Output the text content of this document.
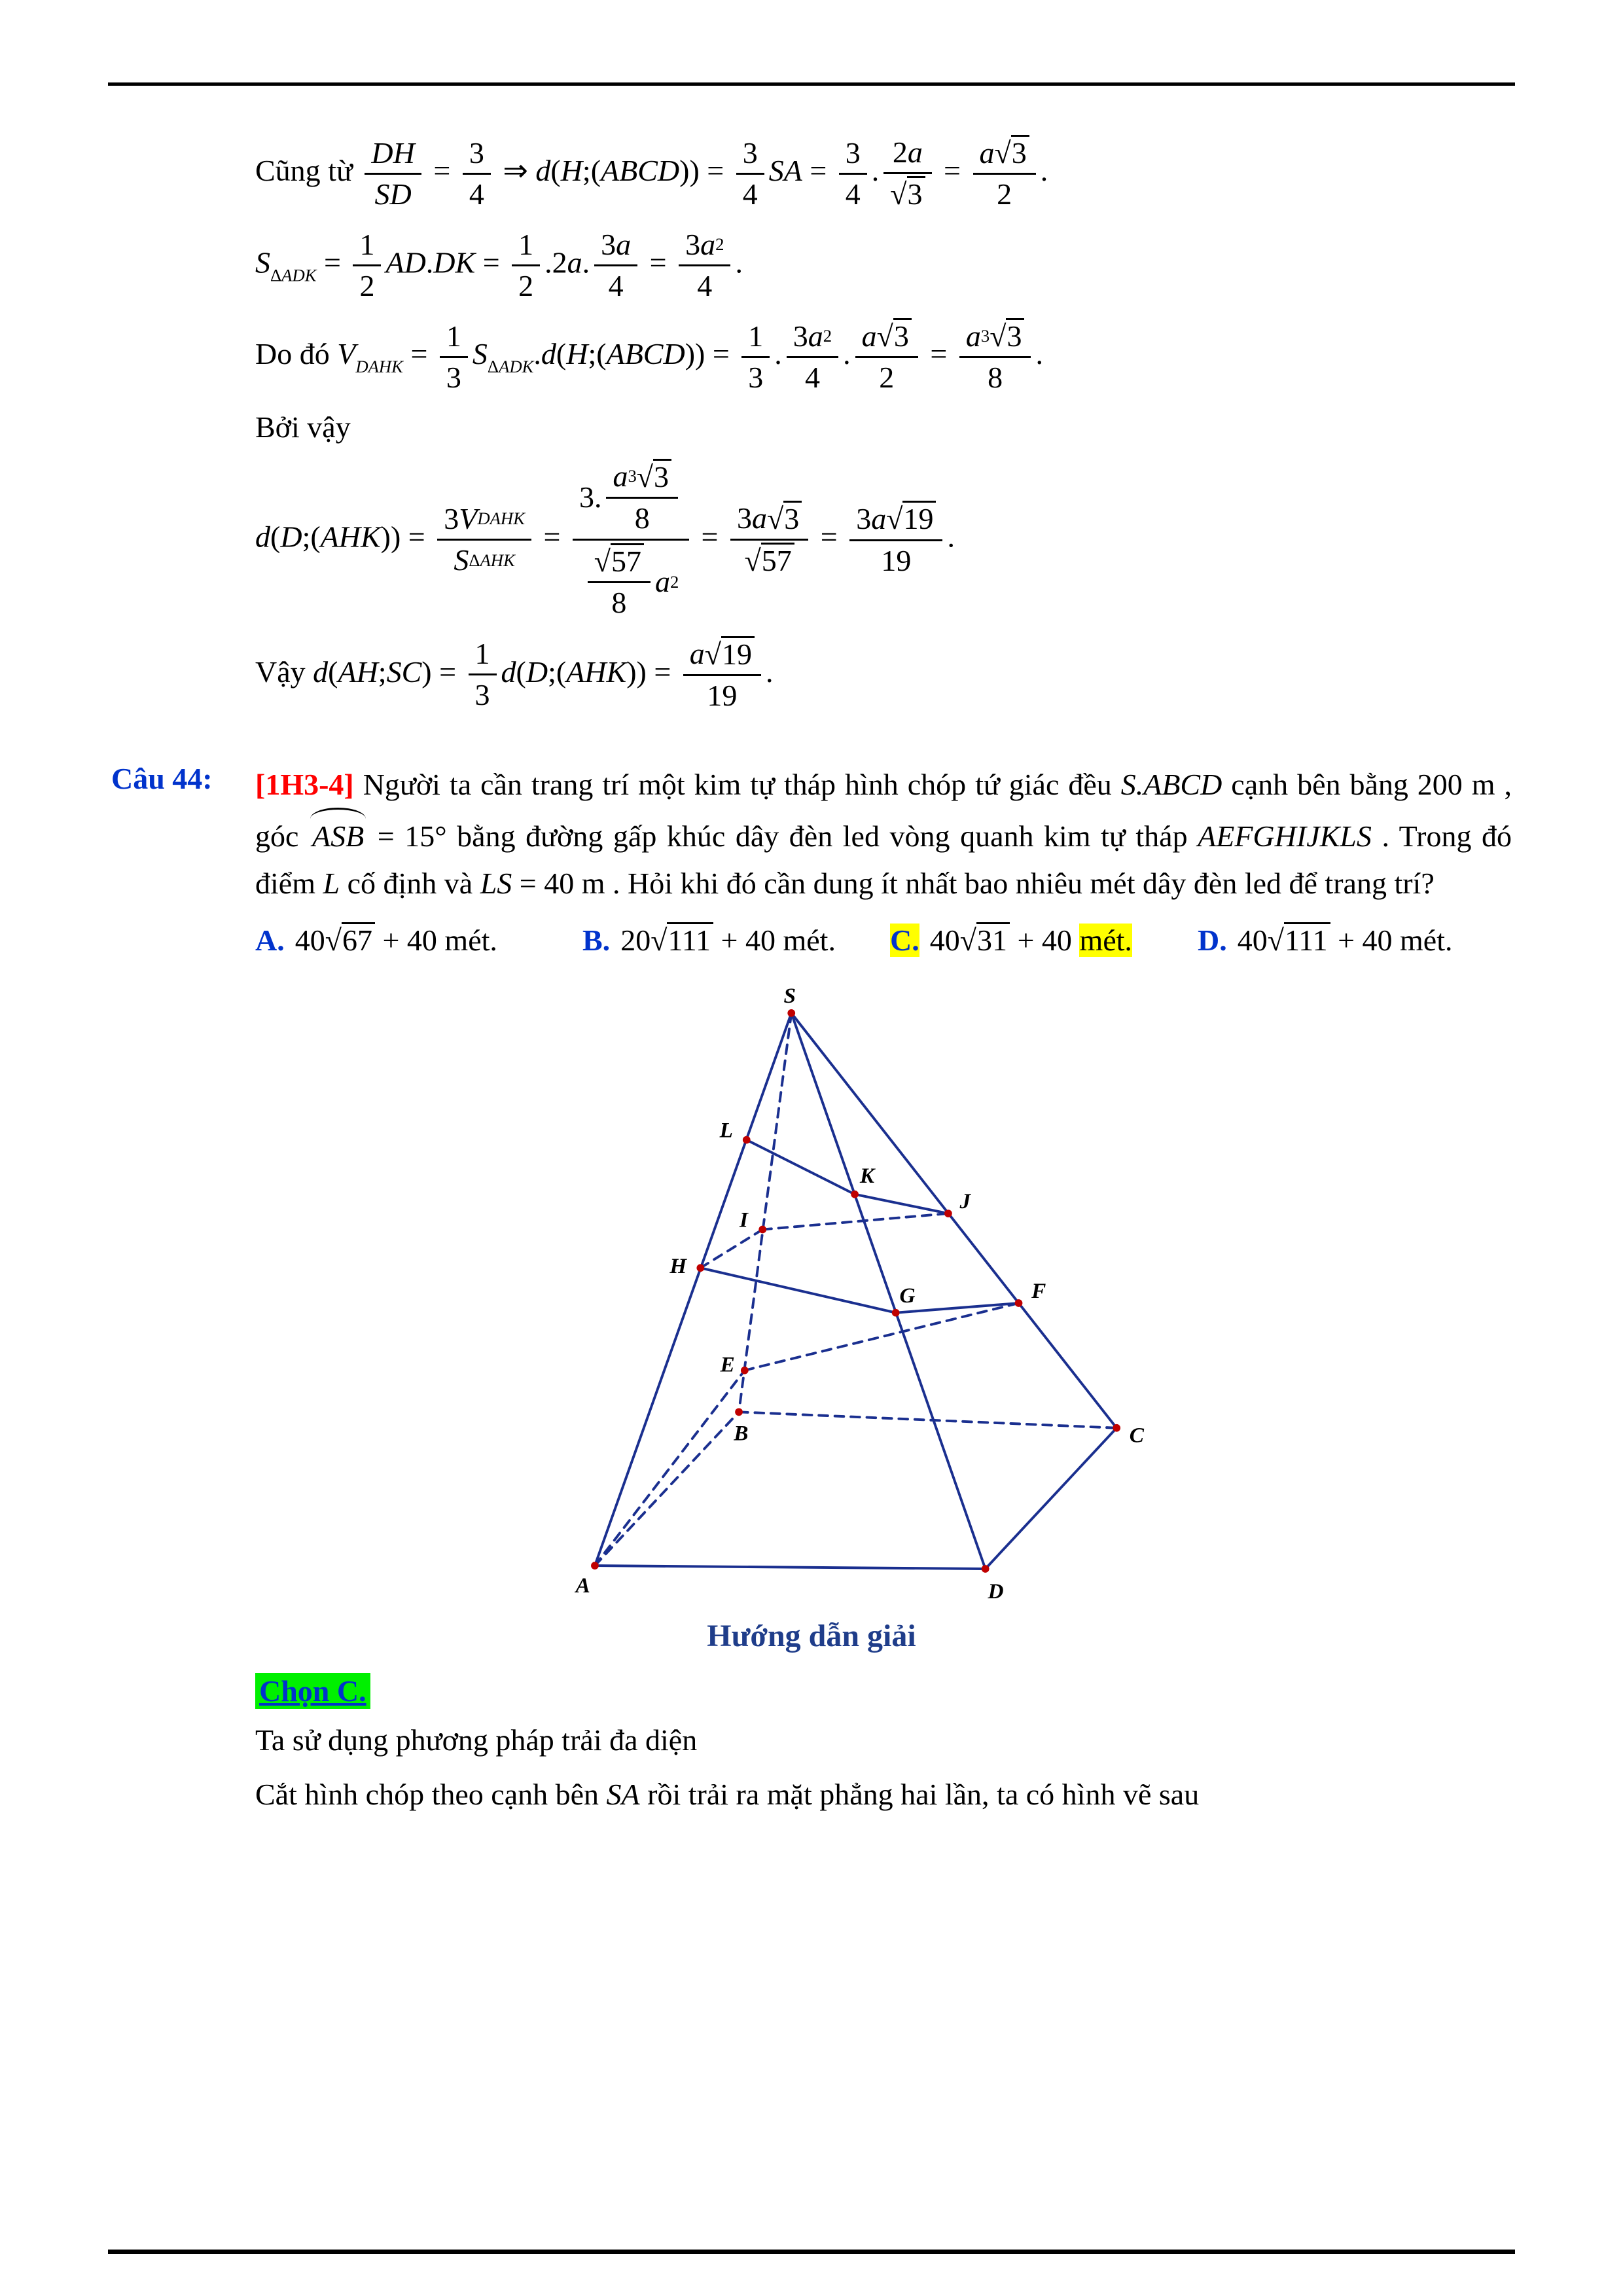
Cũng từ $\frac{DH}{SD} = \frac{3}{4}$ ⇒ d(H;(ABCD)) = $\frac{3}{4}$ SA = $\frac{3}{4}$ . $\frac{2 a}{√3} = \frac{a √3}{2}$ .
$S_{\Delta ADK} = \frac{1}{2} AD.DK = \frac{1}{2} .2a$. $\frac{3 a}{4} = \frac{3 a 2}{4}$ .
Do đó $V_{DAHK} = \frac{1}{3}$ $S_{\Delta ADK}.d(H;(ABCD)) = \frac{1}{3}$ . $\frac{3 a 2}{4}$ . $\frac{a √3}{2} = \frac{a 3 √3}{8}$ .
Bởi vậy
d(D;(AHK)) = $\frac{\text{3 V DAHK}}{\text{S ΔAHK}} = \frac{3. \frac{a 3 √3}{8}}{\frac{√57}{8} a 2} = \frac{3 a √3}{√57} = \frac{3 a √19}{19}$ .
Vậy d(AH;SC) = $\frac{1}{3}$ d(D;(AHK)) = $\frac{a √19}{19}$ .
Câu 44: [1H3-4] Người ta cần trang trí một kim tự tháp hình chóp tứ giác đều S.ABCD cạnh bên bằng 200 m , góc ASB = 15° bằng đường gấp khúc dây đèn led vòng quanh kim tự tháp AEFGHIJKLS . Trong đó điểm L cố định và LS = 40 m . Hỏi khi đó cần dung ít nhất bao nhiêu mét dây đèn led để trang trí?
A. 40√67 + 40 mét.	B. 20√111 + 40 mét.	C. 40√31 + 40 mét.	D. 40√111 + 40 mét.
S
A
B	C
D
E
F
G
H
I
J
K
L
Hướng dẫn giải
Chọn C.

Ta sử dụng phương pháp trải đa diện

Cắt hình chóp theo cạnh bên SA rồi trải ra mặt phẳng hai lần, ta có hình vẽ sau
